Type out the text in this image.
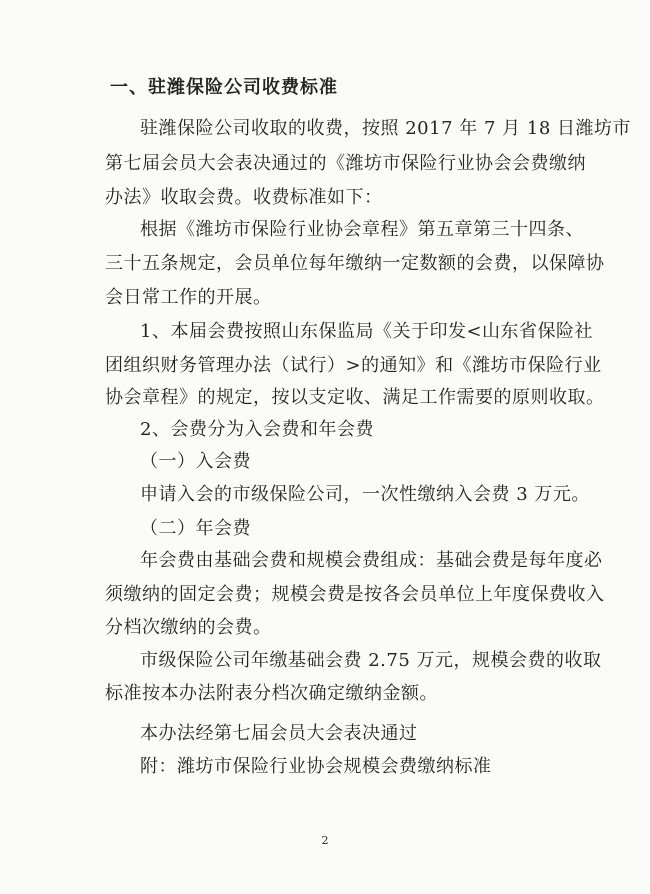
一、驻潍保险公司收费标准

驻潍保险公司收取的收费，按照 2017 年 7 月 18 日潍坊市

第七届会员大会表决通过的《潍坊市保险行业协会会费缴纳

办法》收取会费。收费标准如下：

根据《潍坊市保险行业协会章程》第五章第三十四条、

三十五条规定，会员单位每年缴纳一定数额的会费，以保障协

会日常工作的开展。

1、本届会费按照山东保监局《关于印发<山东省保险社

团组织财务管理办法（试行）>的通知》和《潍坊市保险行业

协会章程》的规定，按以支定收、满足工作需要的原则收取。

2、会费分为入会费和年会费

（一）入会费

申请入会的市级保险公司，一次性缴纳入会费 3 万元。

（二）年会费

年会费由基础会费和规模会费组成：基础会费是每年度必

须缴纳的固定会费；规模会费是按各会员单位上年度保费收入

分档次缴纳的会费。

市级保险公司年缴基础会费 2.75 万元，规模会费的收取

标准按本办法附表分档次确定缴纳金额。

本办法经第七届会员大会表决通过

附：潍坊市保险行业协会规模会费缴纳标准

2
